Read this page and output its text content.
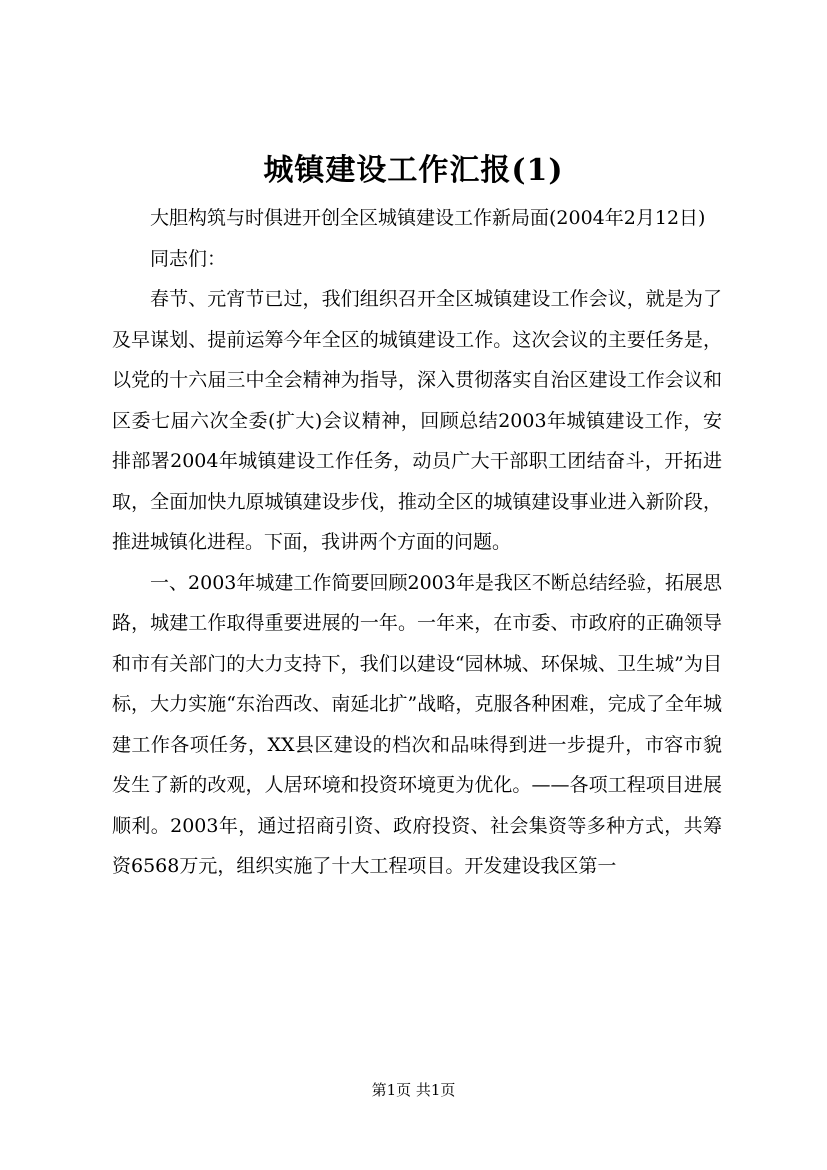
城镇建设工作汇报(1)

大胆构筑与时俱进开创全区城镇建设工作新局面(2004年2月12日)

同志们：

春节、元宵节已过，我们组织召开全区城镇建设工作会议，就是为了及早谋划、提前运筹今年全区的城镇建设工作。这次会议的主要任务是，以党的十六届三中全会精神为指导，深入贯彻落实自治区建设工作会议和区委七届六次全委(扩大)会议精神，回顾总结2003年城镇建设工作，安排部署2004年城镇建设工作任务，动员广大干部职工团结奋斗，开拓进取，全面加快九原城镇建设步伐，推动全区的城镇建设事业进入新阶段，推进城镇化进程。下面，我讲两个方面的问题。

一、2003年城建工作简要回顾2003年是我区不断总结经验，拓展思路，城建工作取得重要进展的一年。一年来，在市委、市政府的正确领导和市有关部门的大力支持下，我们以建设“园林城、环保城、卫生城”为目标，大力实施“东治西改、南延北扩”战略，克服各种困难，完成了全年城建工作各项任务，XX县区建设的档次和品味得到进一步提升，市容市貌发生了新的改观，人居环境和投资环境更为优化。——各项工程项目进展顺利。2003年，通过招商引资、政府投资、社会集资等多种方式，共筹资6568万元，组织实施了十大工程项目。开发建设我区第一

第1页 共1页
